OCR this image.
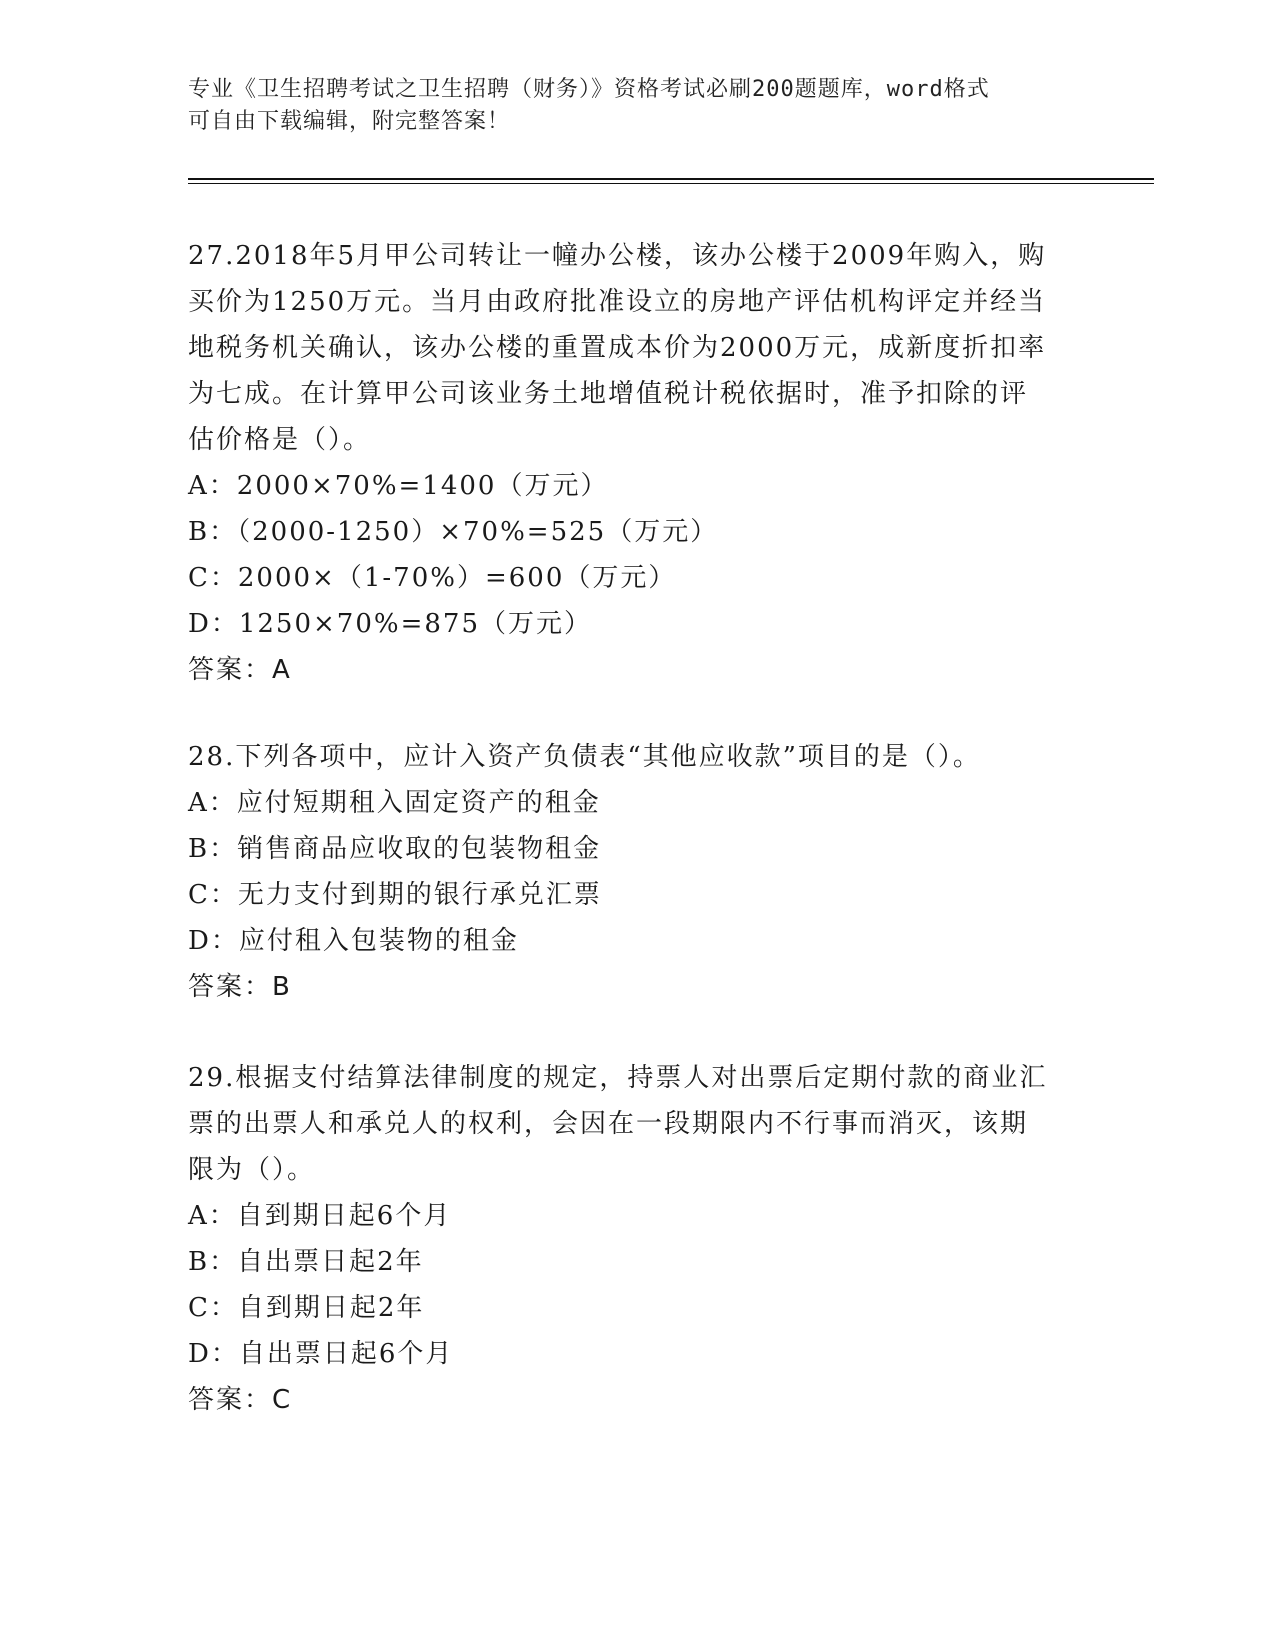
专业《卫生招聘考试之卫生招聘（财务）》资格考试必刷200题题库，word格式
可自由下载编辑，附完整答案！
27.2018年5月甲公司转让一幢办公楼，该办公楼于2009年购入，购
买价为1250万元。当月由政府批准设立的房地产评估机构评定并经当
地税务机关确认，该办公楼的重置成本价为2000万元，成新度折扣率
为七成。在计算甲公司该业务土地增值税计税依据时，准予扣除的评
估价格是（）。
A：2000×70%=1400（万元）
B：（2000-1250）×70%=525（万元）
C：2000×（1-70%）=600（万元）
D：1250×70%=875（万元）
答案：A
28.下列各项中，应计入资产负债表“其他应收款”项目的是（）。
A：应付短期租入固定资产的租金
B：销售商品应收取的包装物租金
C：无力支付到期的银行承兑汇票
D：应付租入包装物的租金
答案：B
29.根据支付结算法律制度的规定，持票人对出票后定期付款的商业汇
票的出票人和承兑人的权利，会因在一段期限内不行事而消灭，该期
限为（）。
A：自到期日起6个月
B：自出票日起2年
C：自到期日起2年
D：自出票日起6个月
答案：C
